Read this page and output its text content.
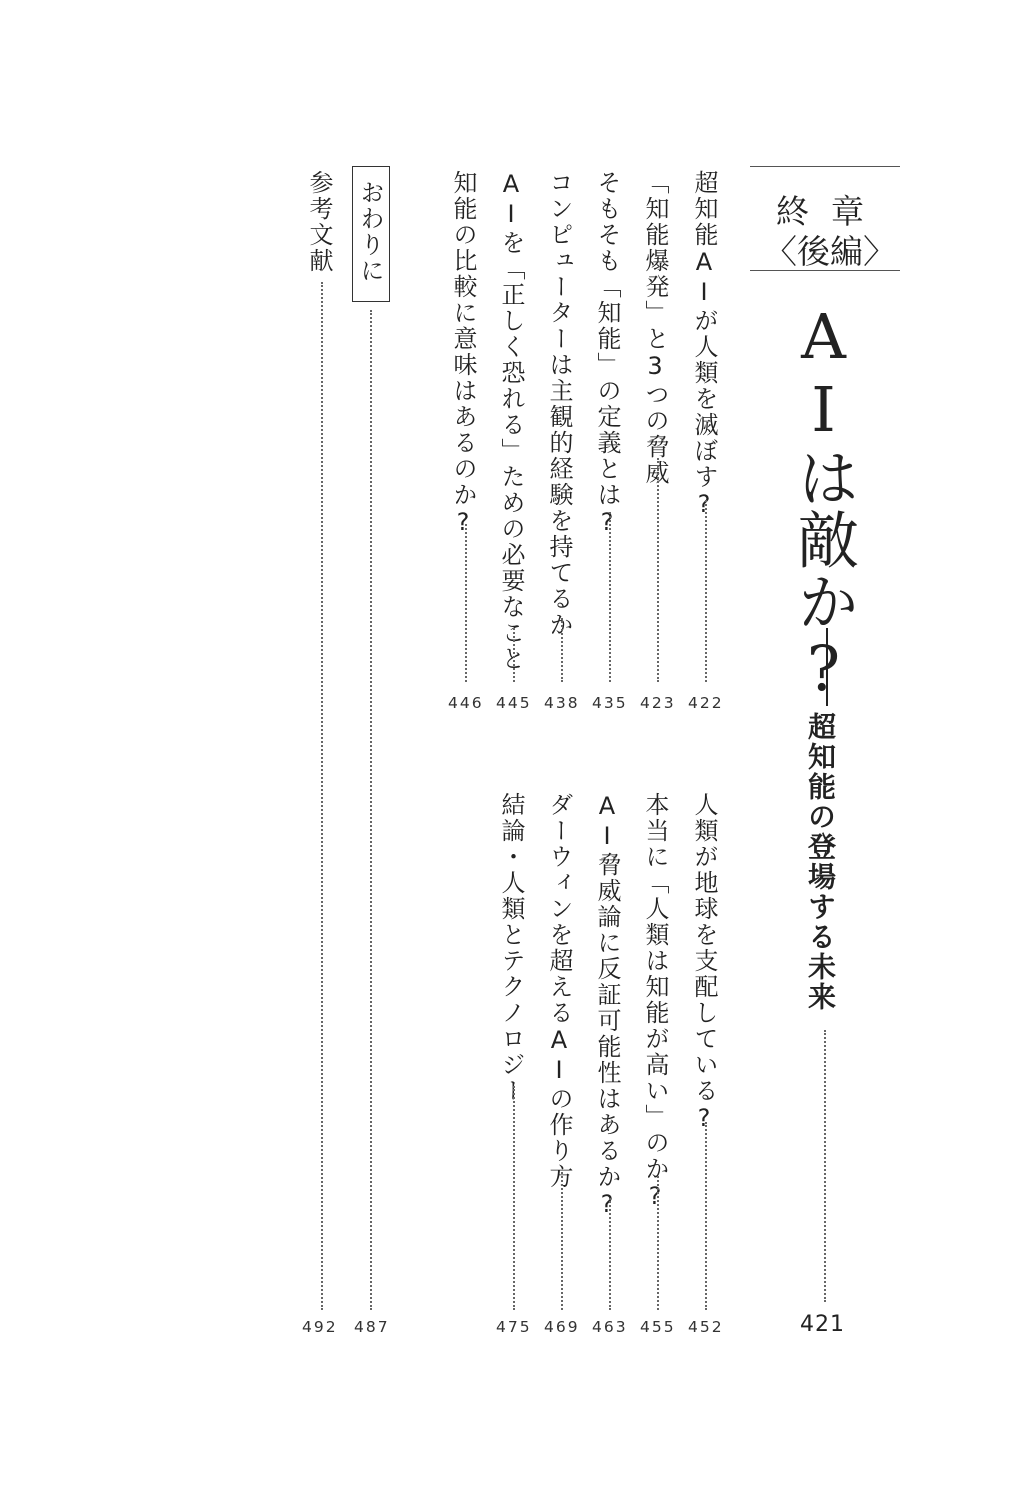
終章
〈後編〉
AIは敵か?
超知能の登場する未来
421
超知能AIが人類を滅ぼす?
422
「知能爆発」と3つの脅威
423
そもそも「知能」の定義とは?
435
コンピューターは主観的経験を持てるか
438
AIを「正しく恐れる」ための必要なこと
445
知能の比較に意味はあるのか?
446
おわりに
487
参考文献
492
人類が地球を支配している?
452
本当に「人類は知能が高い」のか?
455
AI脅威論に反証可能性はあるか?
463
ダーウィンを超えるAIの作り方
469
結論・人類とテクノロジー
475
